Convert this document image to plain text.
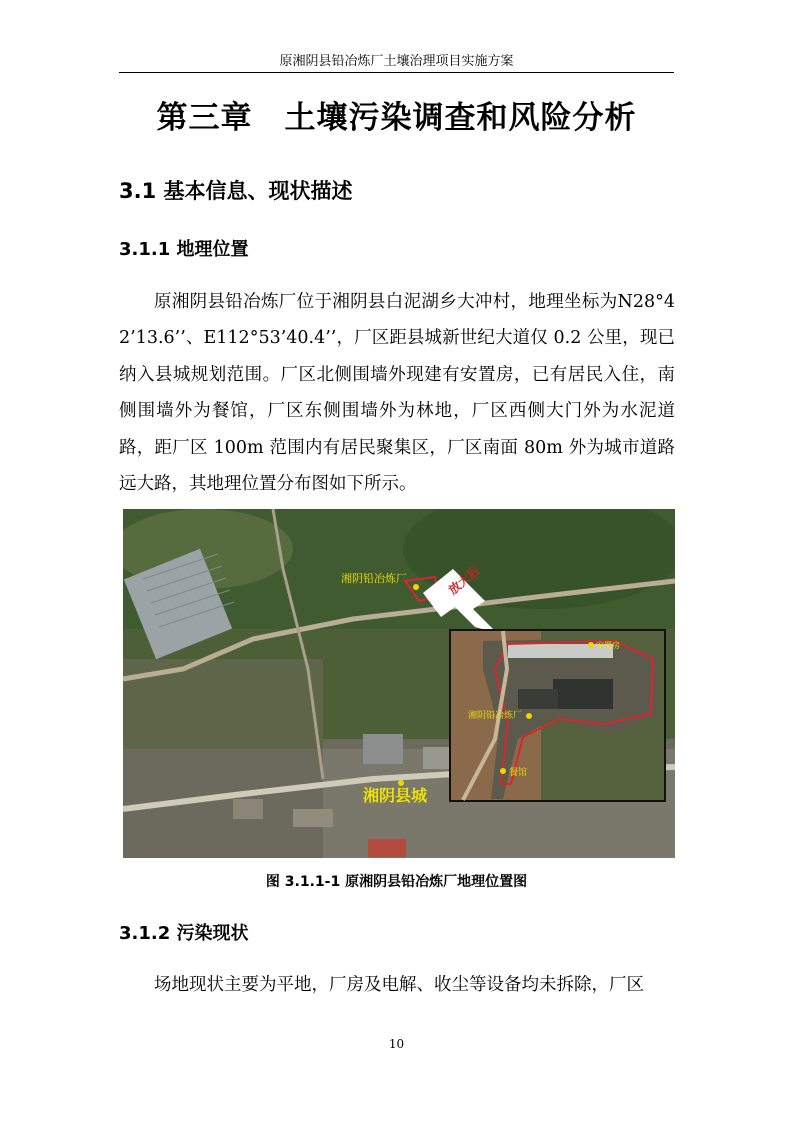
原湘阴县铅冶炼厂土壤治理项目实施方案
第三章　土壤污染调查和风险分析
3.1 基本信息、现状描述
3.1.1 地理位置
原湘阴县铅冶炼厂位于湘阴县白泥湖乡大冲村，地理坐标为N28°42’13.6’’、E112°53’40.4’’，厂区距县城新世纪大道仅 0.2 公里，现已纳入县城规划范围。厂区北侧围墙外现建有安置房，已有居民入住，南侧围墙外为餐馆，厂区东侧围墙外为林地，厂区西侧大门外为水泥道路，距厂区 100m 范围内有居民聚集区，厂区南面 80m 外为城市道路远大路，其地理位置分布图如下所示。
湘阴铅冶炼厂	放大后
湘阴县城
安置房
湘阴铅冶炼厂
餐馆
图 3.1.1-1 原湘阴县铅冶炼厂地理位置图
3.1.2 污染现状
场地现状主要为平地，厂房及电解、收尘等设备均未拆除，厂区
10
